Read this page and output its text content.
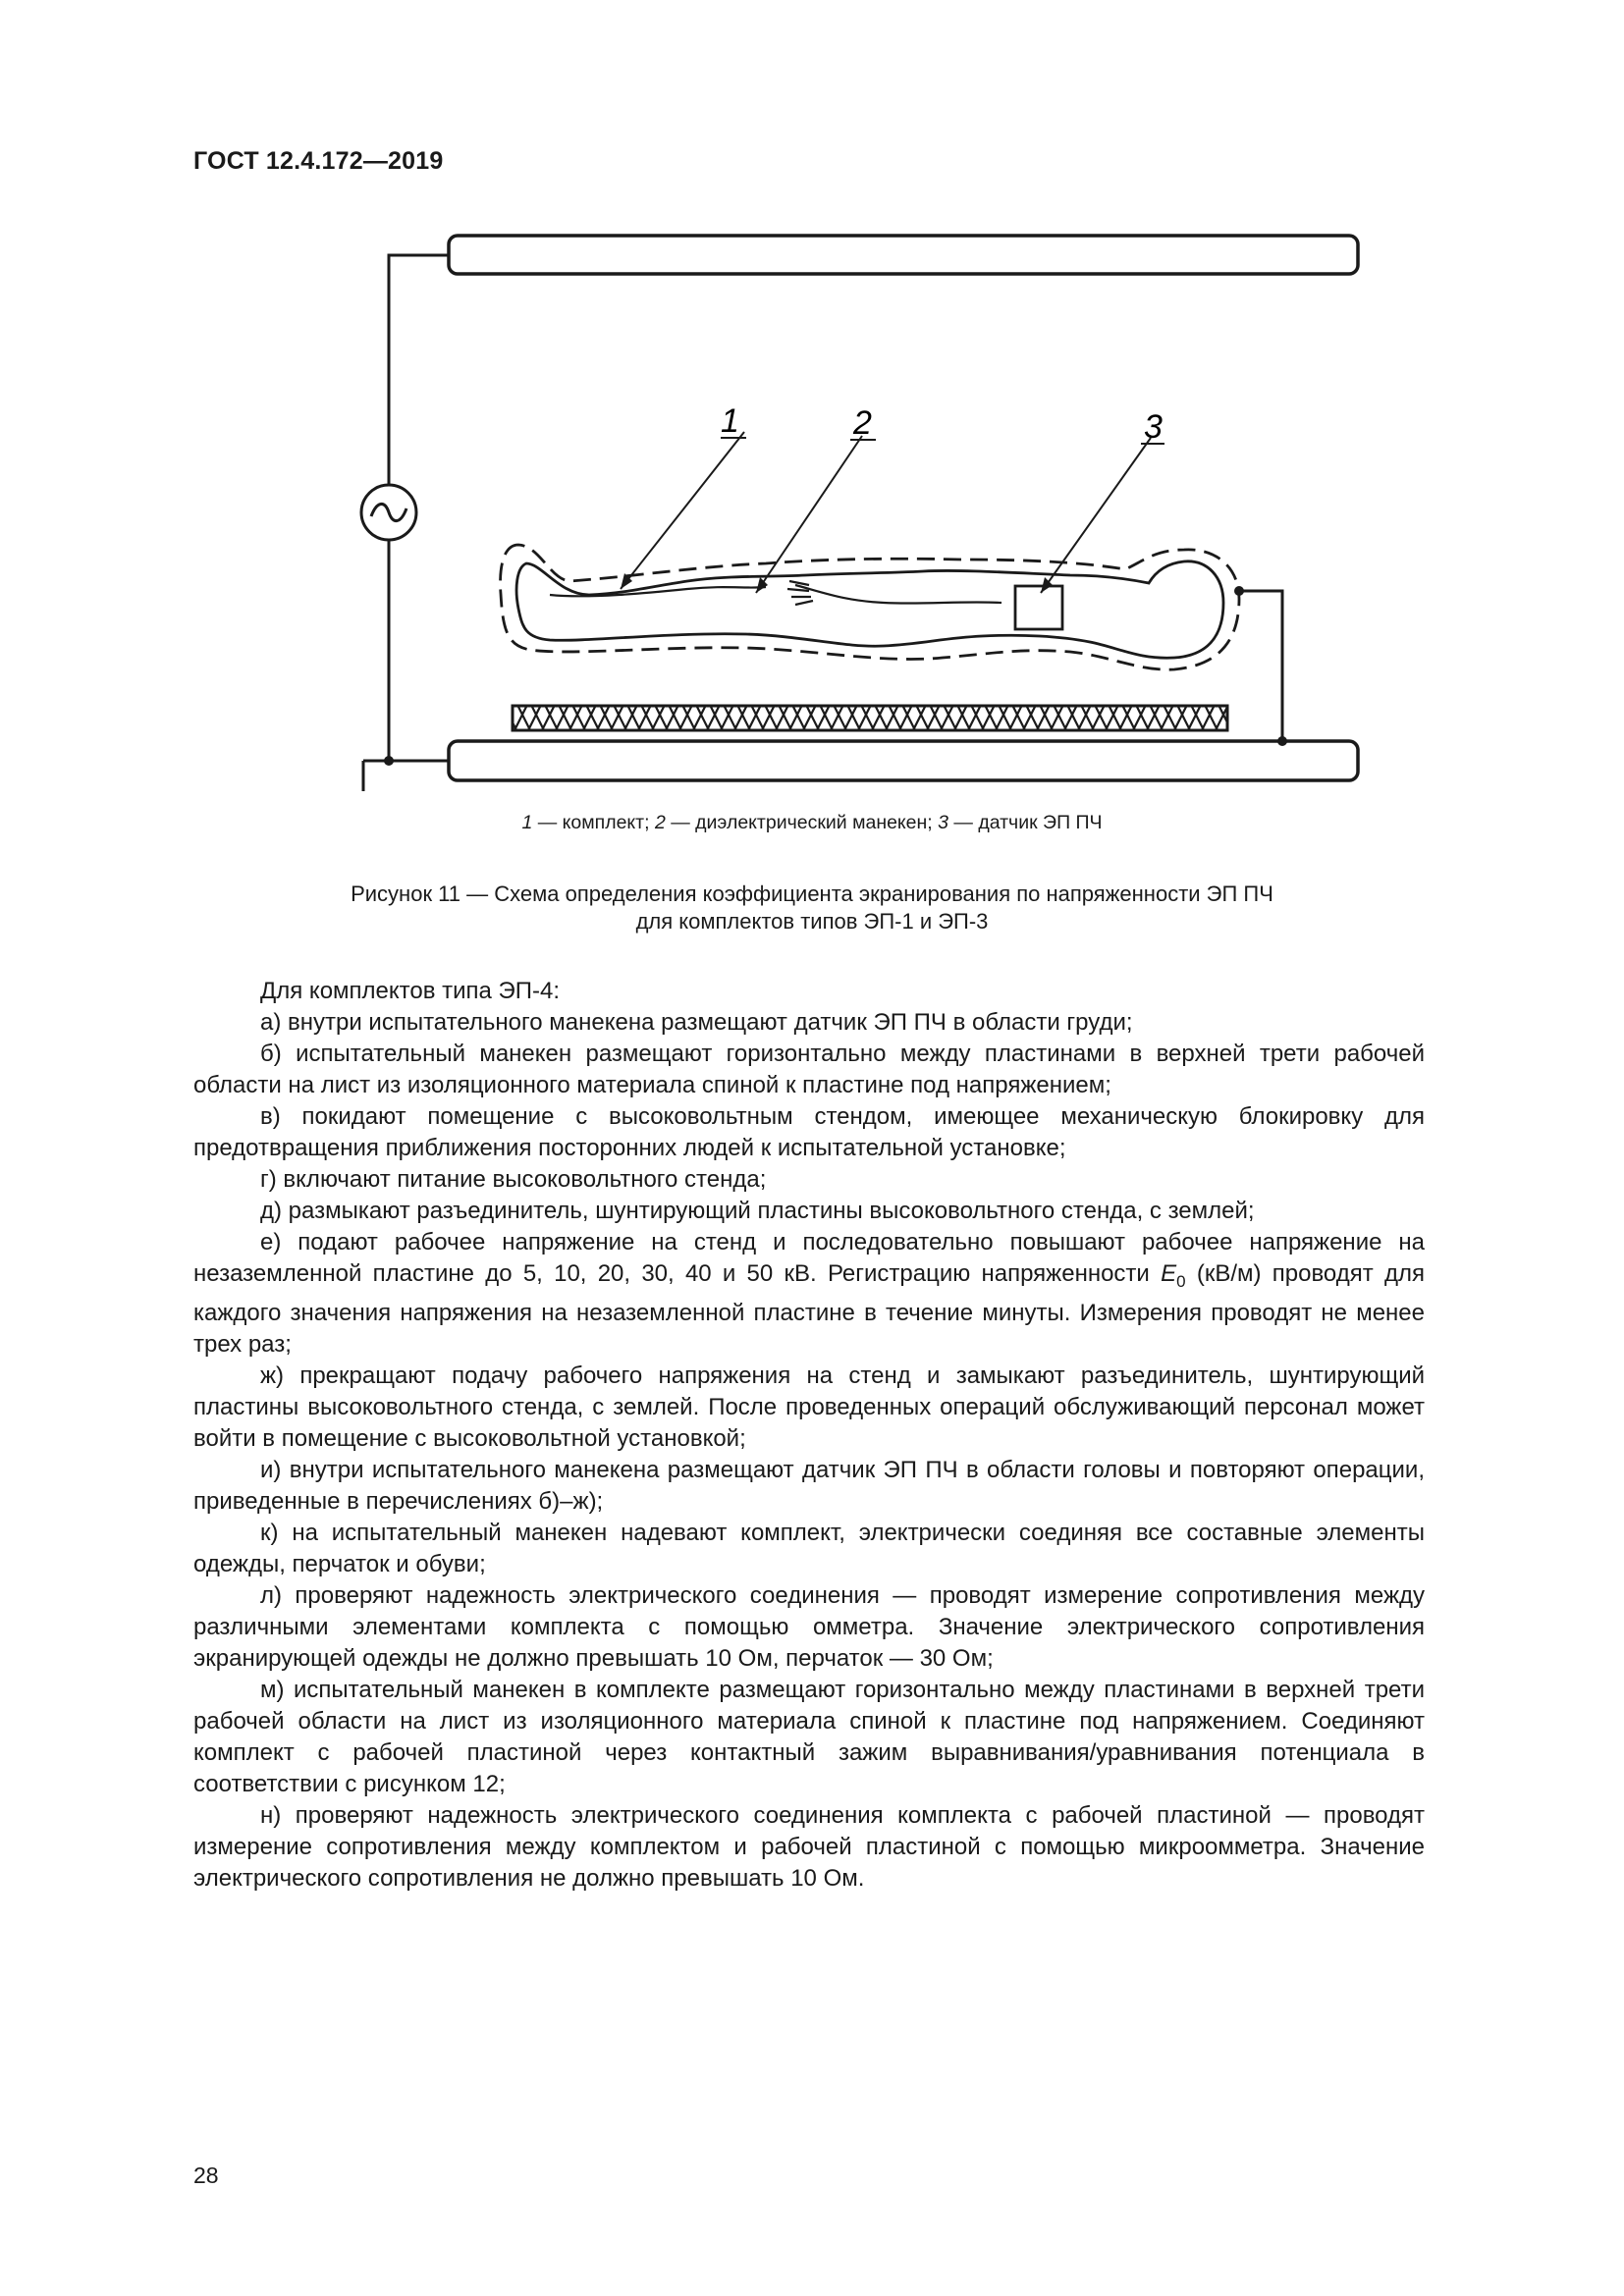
ГОСТ 12.4.172—2019
1	2	3
1 — комплект; 2 — диэлектрический манекен; 3 — датчик ЭП ПЧ
Рисунок 11 — Схема определения коэффициента экранирования по напряженности ЭП ПЧ
для комплектов типов ЭП-1 и ЭП-3

Для комплектов типа ЭП-4:

а) внутри испытательного манекена размещают датчик ЭП ПЧ в области груди;

б) испытательный манекен размещают горизонтально между пластинами в верхней трети рабочей области на лист из изоляционного материала спиной к пластине под напряжением;

в) покидают помещение с высоковольтным стендом, имеющее механическую блокировку для предотвращения приближения посторонних людей к испытательной установке;

г) включают питание высоковольтного стенда;

д) размыкают разъединитель, шунтирующий пластины высоковольтного стенда, с землей;

е) подают рабочее напряжение на стенд и последовательно повышают рабочее напряжение на незаземленной пластине до 5, 10, 20, 30, 40 и 50 кВ. Регистрацию напряженности $E_0$ (кВ/м) проводят для каждого значения напряжения на незаземленной пластине в течение минуты. Измерения проводят не менее трех раз;

ж) прекращают подачу рабочего напряжения на стенд и замыкают разъединитель, шунтирующий пластины высоковольтного стенда, с землей. После проведенных операций обслуживающий персонал может войти в помещение с высоковольтной установкой;

и) внутри испытательного манекена размещают датчик ЭП ПЧ в области головы и повторяют операции, приведенные в перечислениях б)–ж);

к) на испытательный манекен надевают комплект, электрически соединяя все составные элементы одежды, перчаток и обуви;

л) проверяют надежность электрического соединения — проводят измерение сопротивления между различными элементами комплекта с помощью омметра. Значение электрического сопротивления экранирующей одежды не должно превышать 10 Ом, перчаток — 30 Ом;

м) испытательный манекен в комплекте размещают горизонтально между пластинами в верхней трети рабочей области на лист из изоляционного материала спиной к пластине под напряжением. Соединяют комплект с рабочей пластиной через контактный зажим выравнивания/уравнивания потенциала в соответствии с рисунком 12;

н) проверяют надежность электрического соединения комплекта с рабочей пластиной — проводят измерение сопротивления между комплектом и рабочей пластиной с помощью микроомметра. Значение электрического сопротивления не должно превышать 10 Ом.

28
